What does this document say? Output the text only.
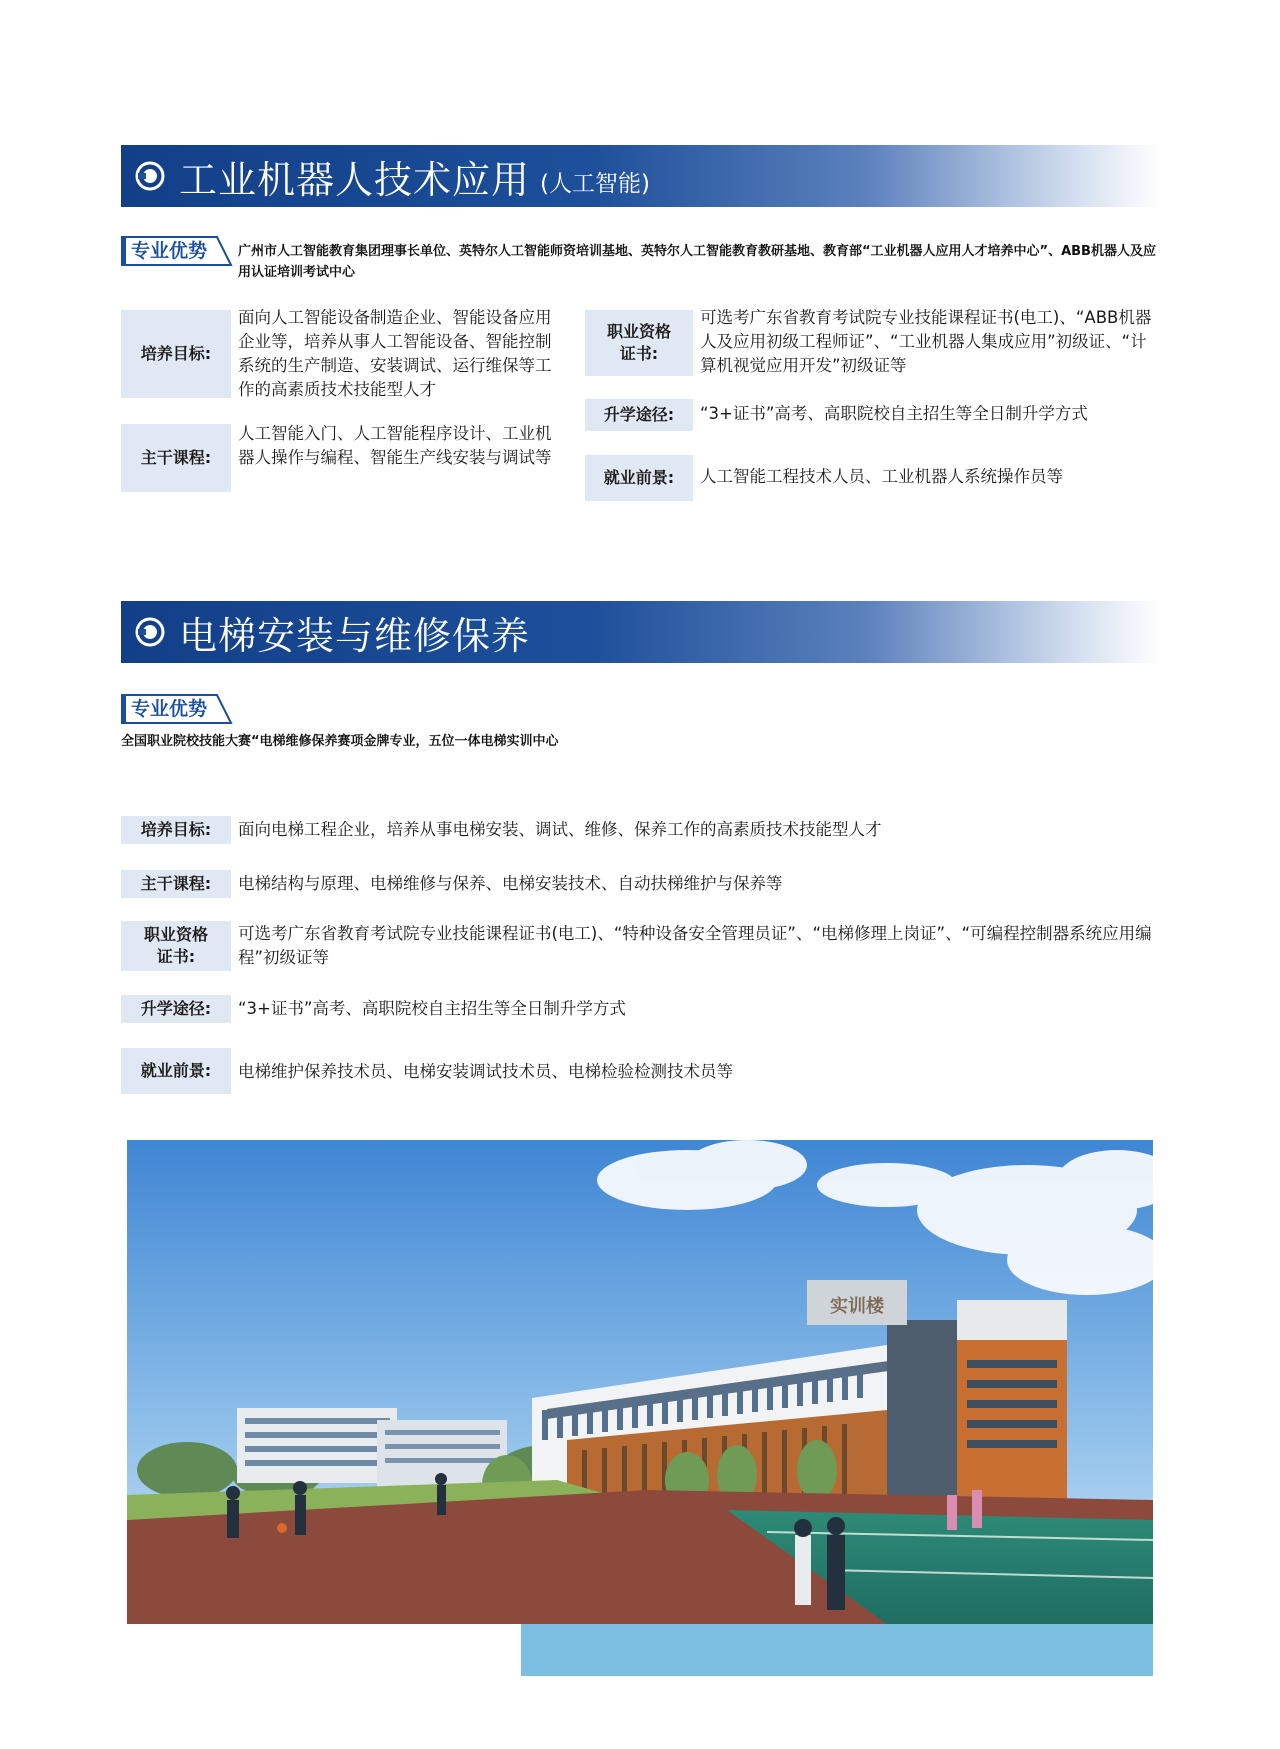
工业机器人技术应用 (人工智能)
专业优势	广州市人工智能教育集团理事长单位、英特尔人工智能师资培训基地、英特尔人工智能教育教研基地、教育部“工业机器人应用人才培养中心”、ABB机器人及应用认证培训考试中心
培养目标:
面向人工智能设备制造企业、智能设备应用企业等，培养从事人工智能设备、智能控制系统的生产制造、安装调试、运行维保等工作的高素质技术技能型人才
主干课程:
人工智能入门、人工智能程序设计、工业机器人操作与编程、智能生产线安装与调试等
职业资格证书:
可选考广东省教育考试院专业技能课程证书(电工)、“ABB机器人及应用初级工程师证”、“工业机器人集成应用”初级证、“计算机视觉应用开发”初级证等
升学途径:	“3+证书”高考、高职院校自主招生等全日制升学方式
就业前景:	人工智能工程技术人员、工业机器人系统操作员等
电梯安装与维修保养
专业优势
全国职业院校技能大赛“电梯维修保养赛项金牌专业，五位一体电梯实训中心
培养目标:	面向电梯工程企业，培养从事电梯安装、调试、维修、保养工作的高素质技术技能型人才
主干课程:	电梯结构与原理、电梯维修与保养、电梯安装技术、自动扶梯维护与保养等
职业资格证书:
可选考广东省教育考试院专业技能课程证书(电工)、“特种设备安全管理员证”、“电梯修理上岗证”、“可编程控制器系统应用编程”初级证等
升学途径:	“3+证书”高考、高职院校自主招生等全日制升学方式
就业前景:	电梯维护保养技术员、电梯安装调试技术员、电梯检验检测技术员等
实训楼
